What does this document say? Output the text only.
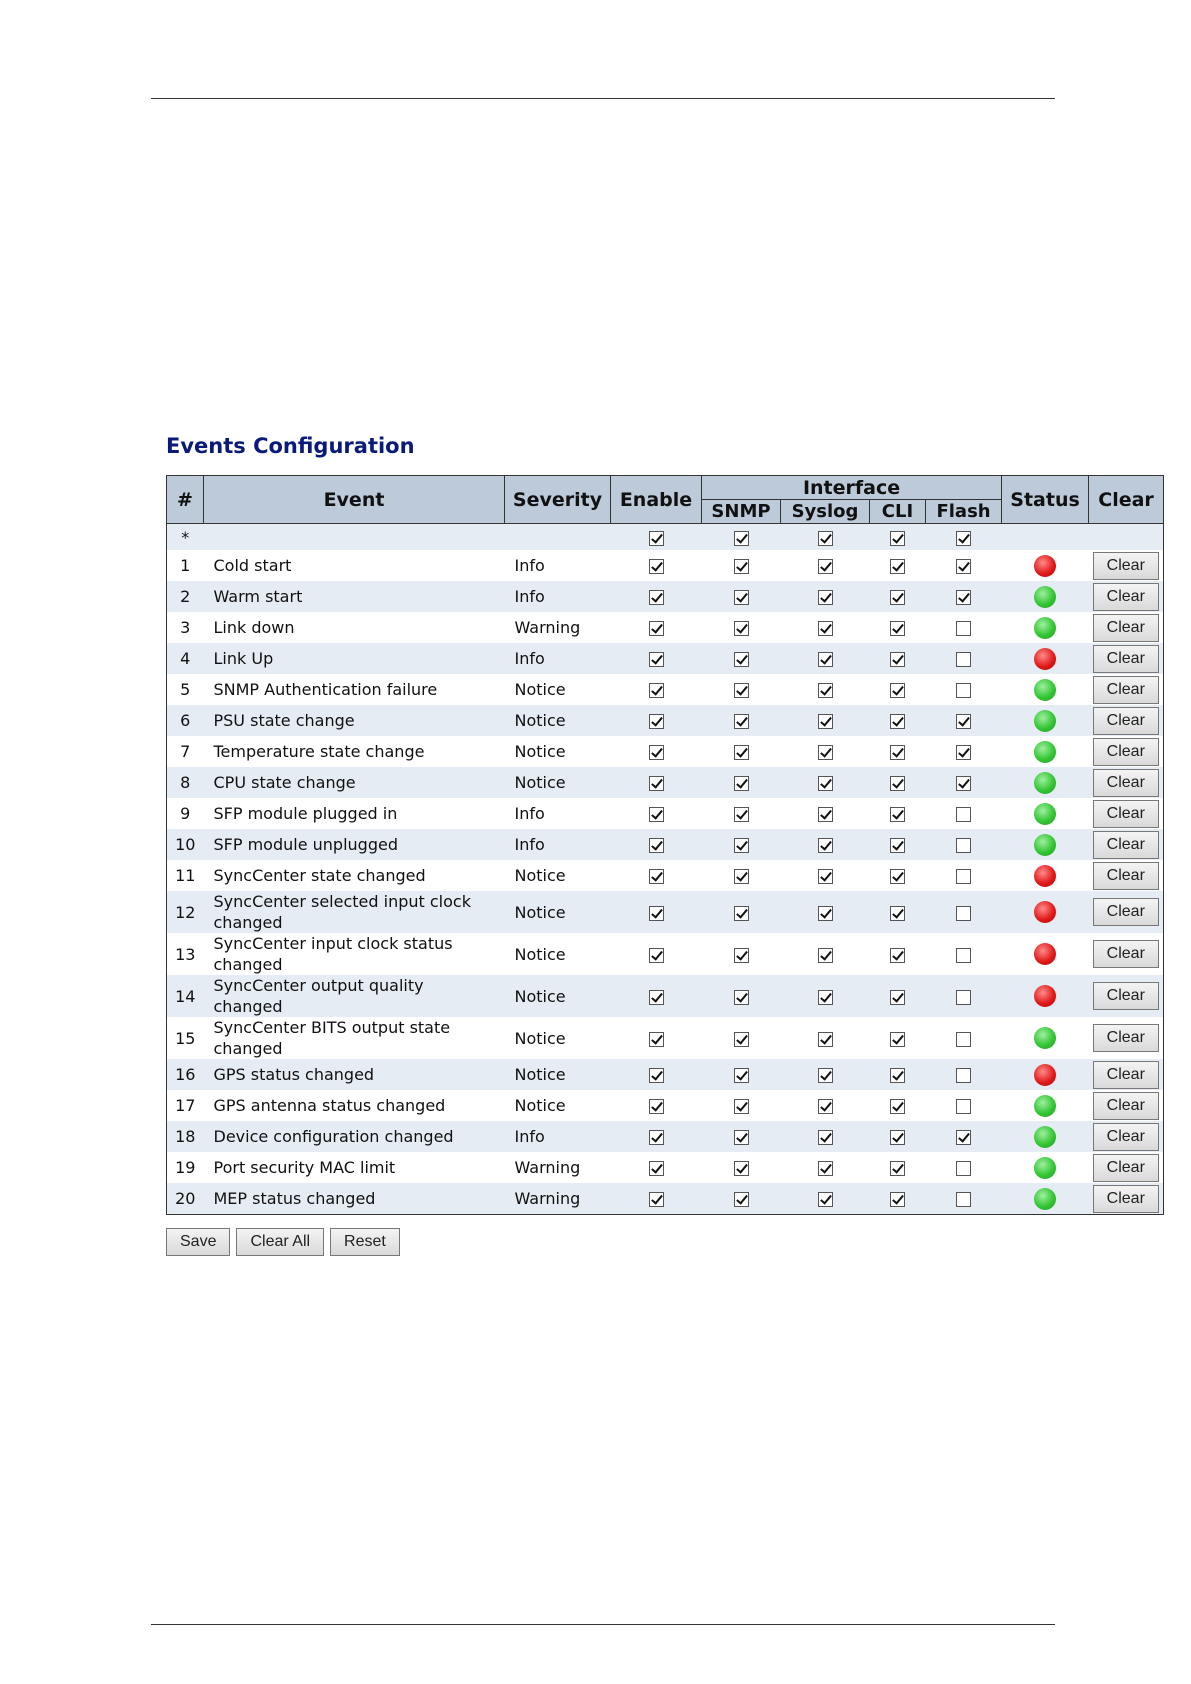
Events Configuration
#	Event	Severity	Enable	Interface				Status	Clear
				SNMP	Syslog	CLI	Flash		
*									
1	Cold start	Info							Clear
2	Warm start	Info							Clear
3	Link down	Warning							Clear
4	Link Up	Info							Clear
5	SNMP Authentication failure	Notice							Clear
6	PSU state change	Notice							Clear
7	Temperature state change	Notice							Clear
8	CPU state change	Notice							Clear
9	SFP module plugged in	Info							Clear
10	SFP module unplugged	Info							Clear
11	SyncCenter state changed	Notice							Clear
12	SyncCenter selected input clock changed	Notice							Clear
13	SyncCenter input clock status changed	Notice							Clear
14	SyncCenter output quality changed	Notice							Clear
15	SyncCenter BITS output state changed	Notice							Clear
16	GPS status changed	Notice							Clear
17	GPS antenna status changed	Notice							Clear
18	Device configuration changed	Info							Clear
19	Port security MAC limit	Warning							Clear
20	MEP status changed	Warning							Clear
Save	Clear All	Reset
